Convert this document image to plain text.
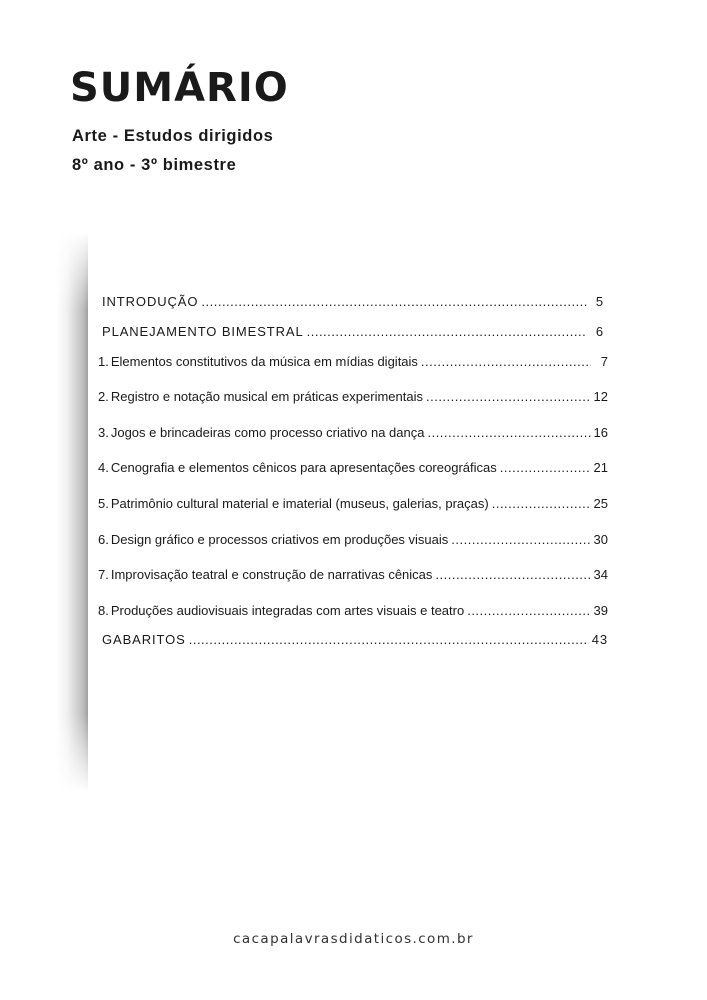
SUMÁRIO
Arte - Estudos dirigidos
8º ano - 3º bimestre
INTRODUÇÃO .....	5
PLANEJAMENTO BIMESTRAL .....	6
1. Elementos constitutivos da música em mídias digitais .....	7
2. Registro e notação musical em práticas experimentais .....	12
3. Jogos e brincadeiras como processo criativo na dança .....	16
4. Cenografia e elementos cênicos para apresentações coreográficas .....	21
5. Patrimônio cultural material e imaterial (museus, galerias, praças) .....	25
6. Design gráfico e processos criativos em produções visuais .....	30
7. Improvisação teatral e construção de narrativas cênicas .....	34
8. Produções audiovisuais integradas com artes visuais e teatro .....	39
GABARITOS .....	43
cacapalavrasdidaticos.com.br
